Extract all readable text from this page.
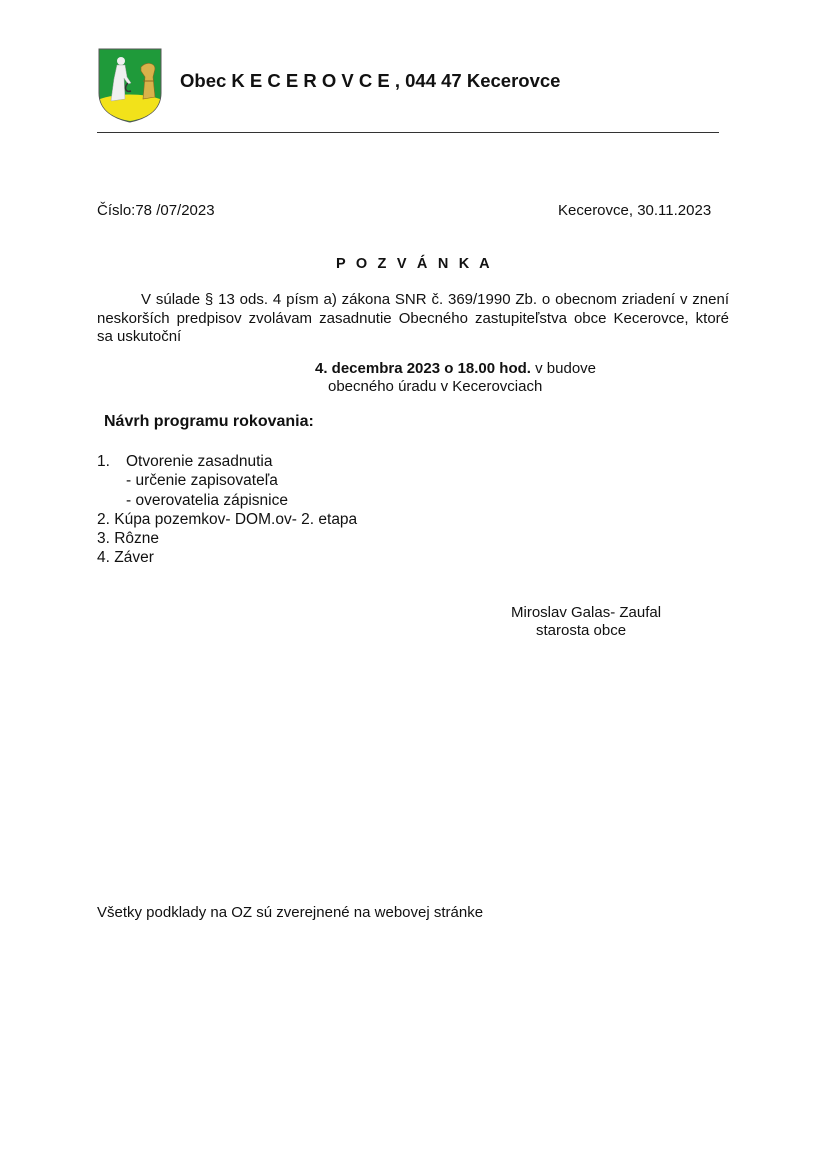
Obec K E C E R O V C E , 044 47 Kecerovce
Číslo:78 /07/2023	Kecerovce, 30.11.2023
P O Z V Á N K A

V súlade § 13 ods. 4 písm a) zákona SNR č. 369/1990 Zb. o obecnom zriadení v znení

neskorších predpisov zvolávam zasadnutie Obecného zastupiteľstva obce Kecerovce, ktoré

sa uskutoční

4. decembra 2023 o 18.00 hod. v budove
obecného úradu v Kecerovciach
Návrh programu rokovania:
1. Otvorenie zasadnutia
- určenie zapisovateľa
- overovatelia zápisnice
2. Kúpa pozemkov- DOM.ov- 2. etapa
3. Rôzne
4. Záver
Miroslav Galas- Zaufal
starosta obce
Všetky podklady na OZ sú zverejnené na webovej stránke
